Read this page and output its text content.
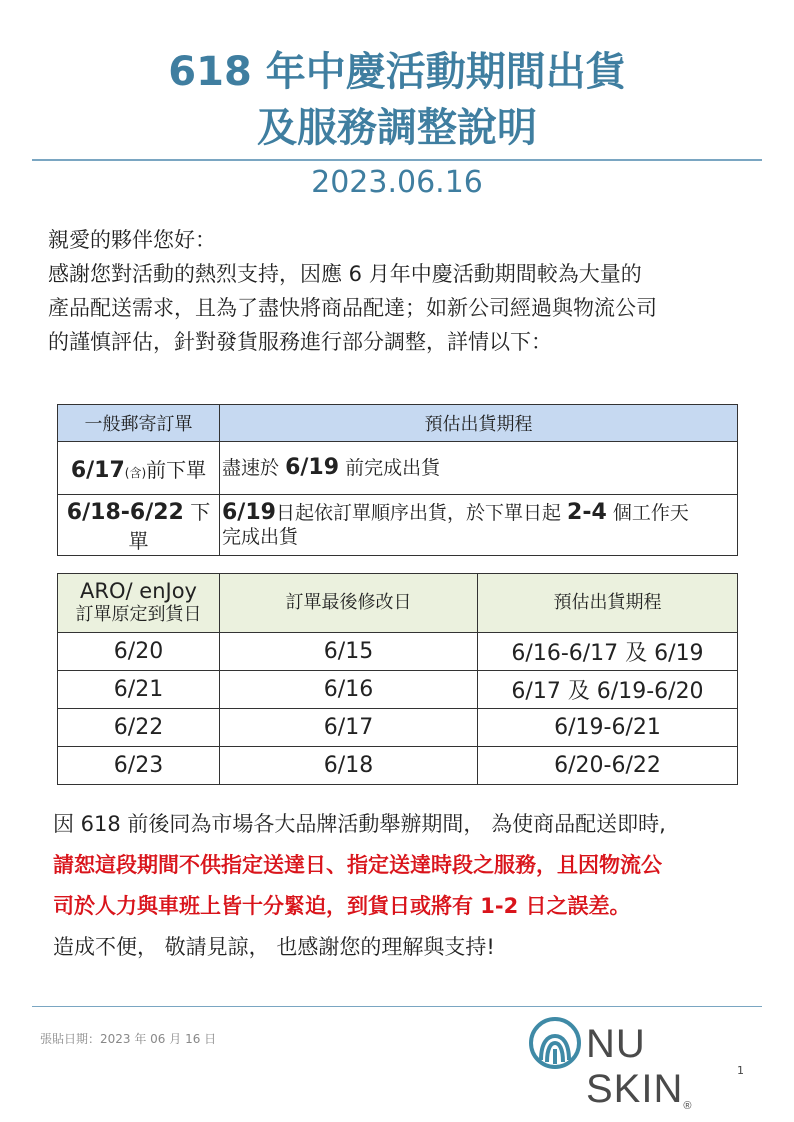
618 年中慶活動期間出貨
及服務調整說明
2023.06.16
親愛的夥伴您好：
感謝您對活動的熱烈支持，因應 6 月年中慶活動期間較為大量的
產品配送需求，且為了盡快將商品配達；如新公司經過與物流公司
的謹慎評估，針對發貨服務進行部分調整，詳情以下：
一般郵寄訂單	預估出貨期程
6/17(含)前下單	盡速於 6/19 前完成出貨
6/18-6/22 下單	6/19日起依訂單順序出貨，於下單日起 2-4 個工作天
完成出貨
ARO/ enJoy
訂單原定到貨日	訂單最後修改日	預估出貨期程
6/20	6/15	6/16-6/17 及 6/19
6/21	6/16	6/17 及 6/19-6/20
6/22	6/17	6/19-6/21
6/23	6/18	6/20-6/22
因 618 前後同為市場各大品牌活動舉辦期間， 為使商品配送即時,
請恕這段期間不供指定送達日、指定送達時段之服務，且因物流公
司於人力與車班上皆十分緊迫，到貨日或將有 1-2 日之誤差。
造成不便， 敬請見諒， 也感謝您的理解與支持!
張貼日期：2023 年 06 月 16 日	NU SKIN®
1
